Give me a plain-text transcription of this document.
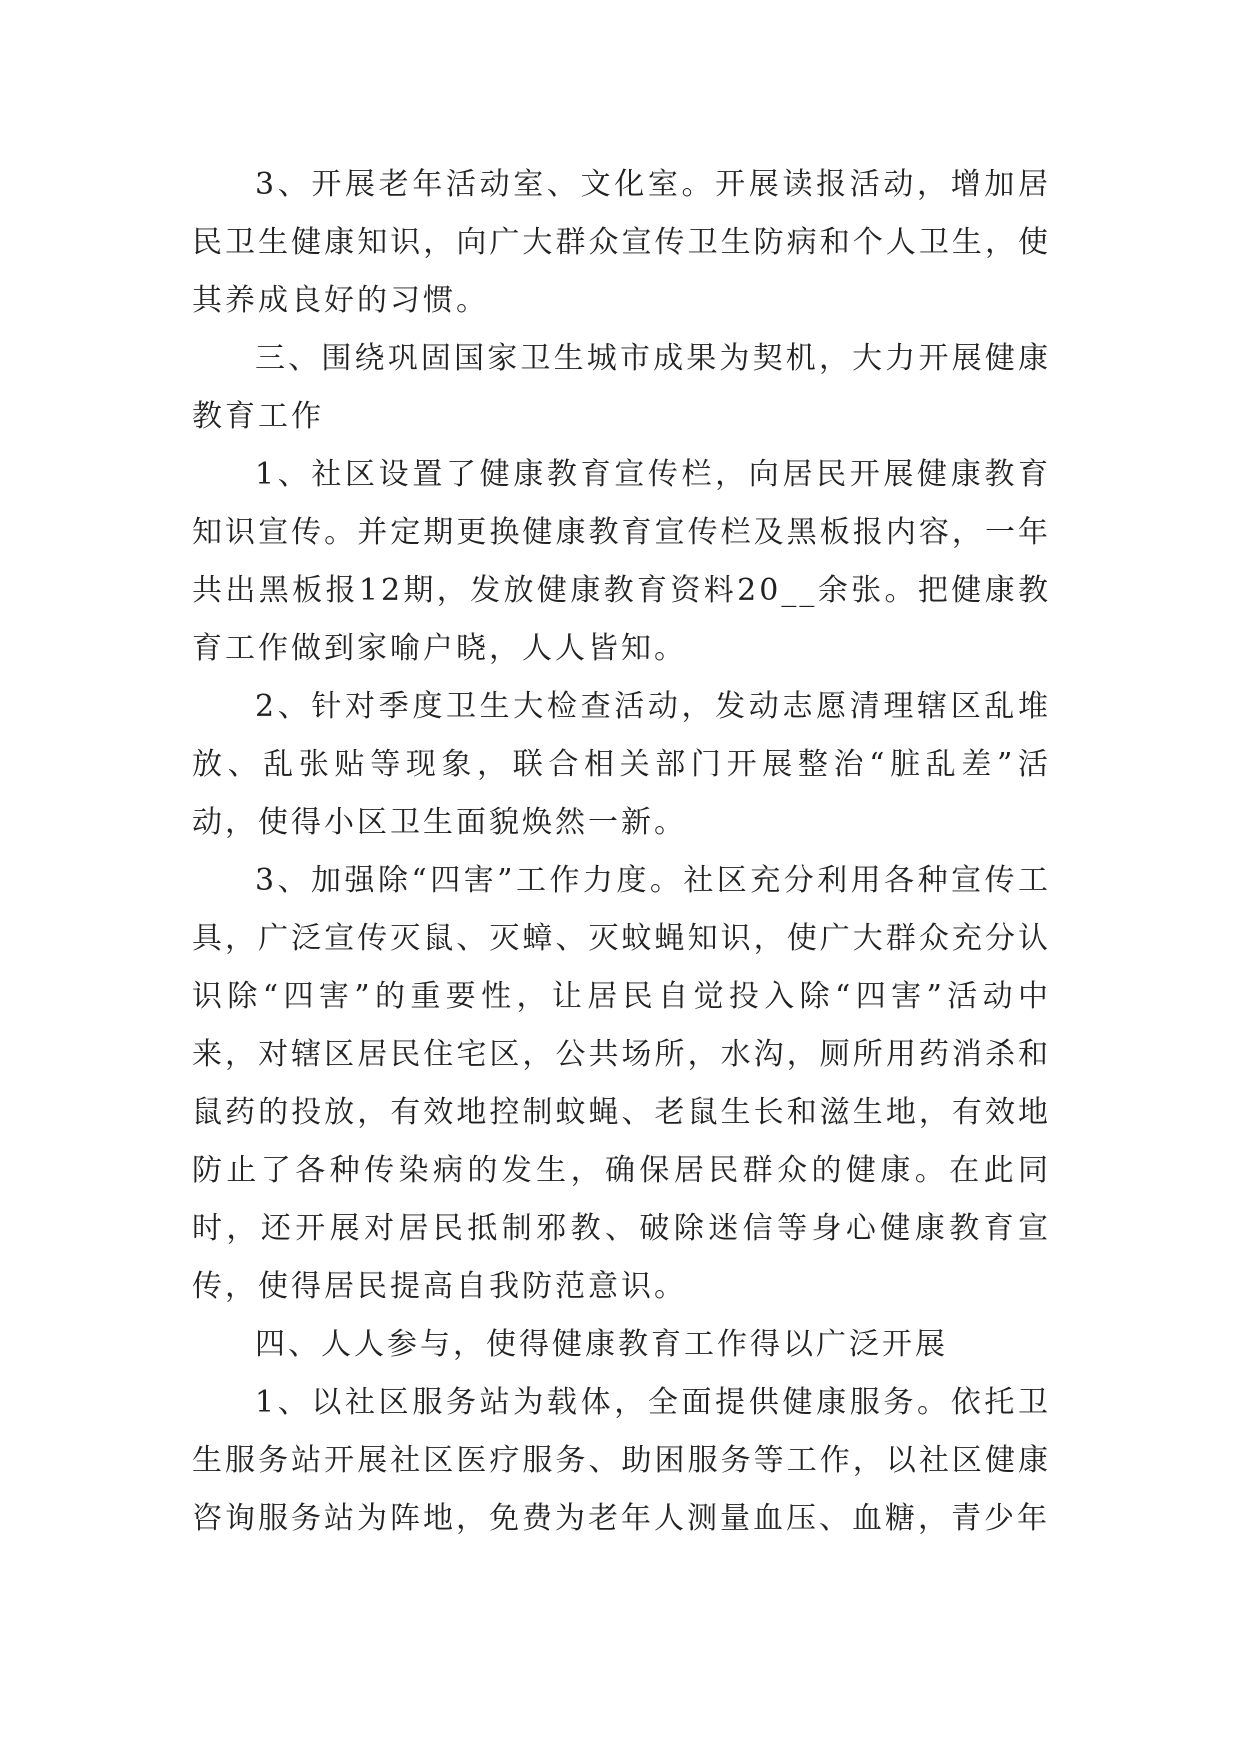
3、开展老年活动室、文化室。开展读报活动，增加居民卫生健康知识，向广大群众宣传卫生防病和个人卫生，使其养成良好的习惯。

三、围绕巩固国家卫生城市成果为契机，大力开展健康教育工作

1、社区设置了健康教育宣传栏，向居民开展健康教育知识宣传。并定期更换健康教育宣传栏及黑板报内容，一年共出黑板报12期，发放健康教育资料20__余张。把健康教育工作做到家喻户晓，人人皆知。

2、针对季度卫生大检查活动，发动志愿清理辖区乱堆放、乱张贴等现象，联合相关部门开展整治“脏乱差”活动，使得小区卫生面貌焕然一新。

3、加强除“四害”工作力度。社区充分利用各种宣传工具，广泛宣传灭鼠、灭蟑、灭蚊蝇知识，使广大群众充分认识除“四害”的重要性，让居民自觉投入除“四害”活动中来，对辖区居民住宅区，公共场所，水沟，厕所用药消杀和鼠药的投放，有效地控制蚊蝇、老鼠生长和滋生地，有效地防止了各种传染病的发生，确保居民群众的健康。在此同时，还开展对居民抵制邪教、破除迷信等身心健康教育宣传，使得居民提高自我防范意识。

四、人人参与，使得健康教育工作得以广泛开展

1、以社区服务站为载体，全面提供健康服务。依托卫生服务站开展社区医疗服务、助困服务等工作，以社区健康咨询服务站为阵地，免费为老年人测量血压、血糖，青少年
